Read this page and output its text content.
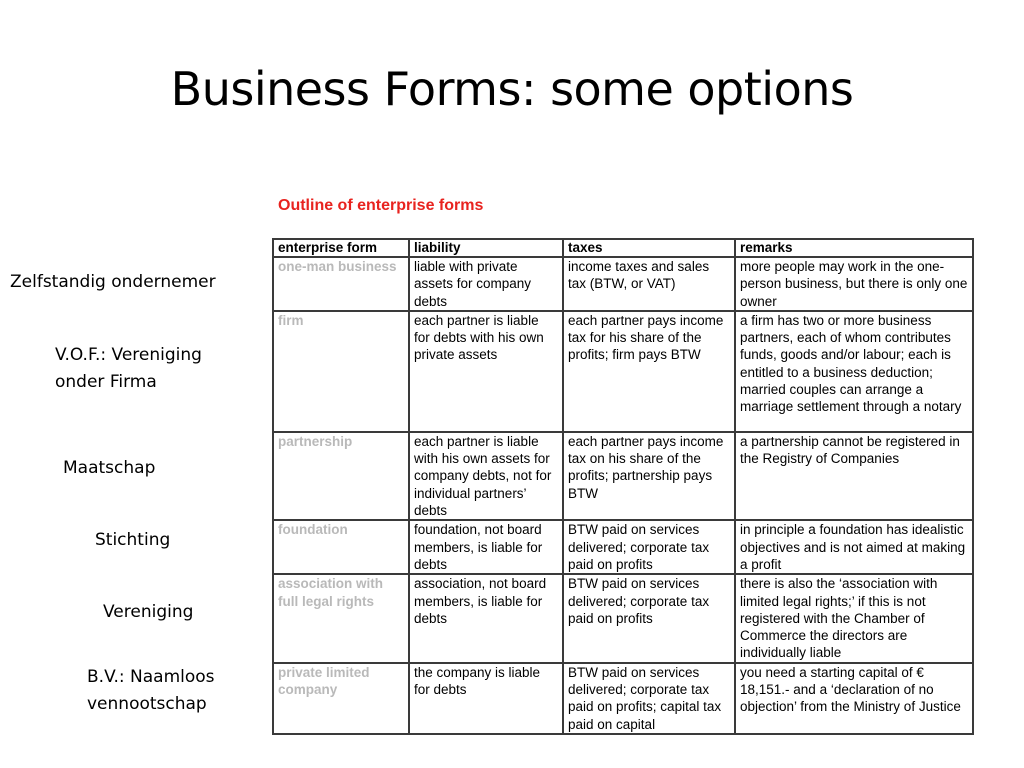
Business Forms: some options
Zelfstandig ondernemer
V.O.F.: Vereniging
onder Firma
Maatschap
Stichting
Vereniging
B.V.: Naamloos
vennootschap
Outline of enterprise forms
enterprise form	liability	taxes	remarks
one-man business	liable with private assets for company debts	income taxes and sales tax (BTW, or VAT)	more people may work in the one-person business, but there is only one owner
firm	each partner is liable for debts with his own private assets	each partner pays income tax for his share of the profits; firm pays BTW	a firm has two or more business partners, each of whom contributes funds, goods and/or labour; each is entitled to a business deduction; married couples can arrange a marriage settlement through a notary
partnership	each partner is liable with his own assets for company debts, not for individual partners’ debts	each partner pays income tax on his share of the profits; partnership pays BTW	a partnership cannot be registered in the Registry of Companies
foundation	foundation, not board members, is liable for debts	BTW paid on services delivered; corporate tax paid on profits	in principle a foundation has idealistic objectives and is not aimed at making a profit
association with full legal rights	association, not board members, is liable for debts	BTW paid on services delivered; corporate tax paid on profits	there is also the ‘association with limited legal rights;’ if this is not registered with the Chamber of Commerce the directors are individually liable
private limited company	the company is liable for debts	BTW paid on services delivered; corporate tax paid on profits; capital tax paid on capital	you need a starting capital of € 18,151.- and a ‘declaration of no objection’ from the Ministry of Justice
